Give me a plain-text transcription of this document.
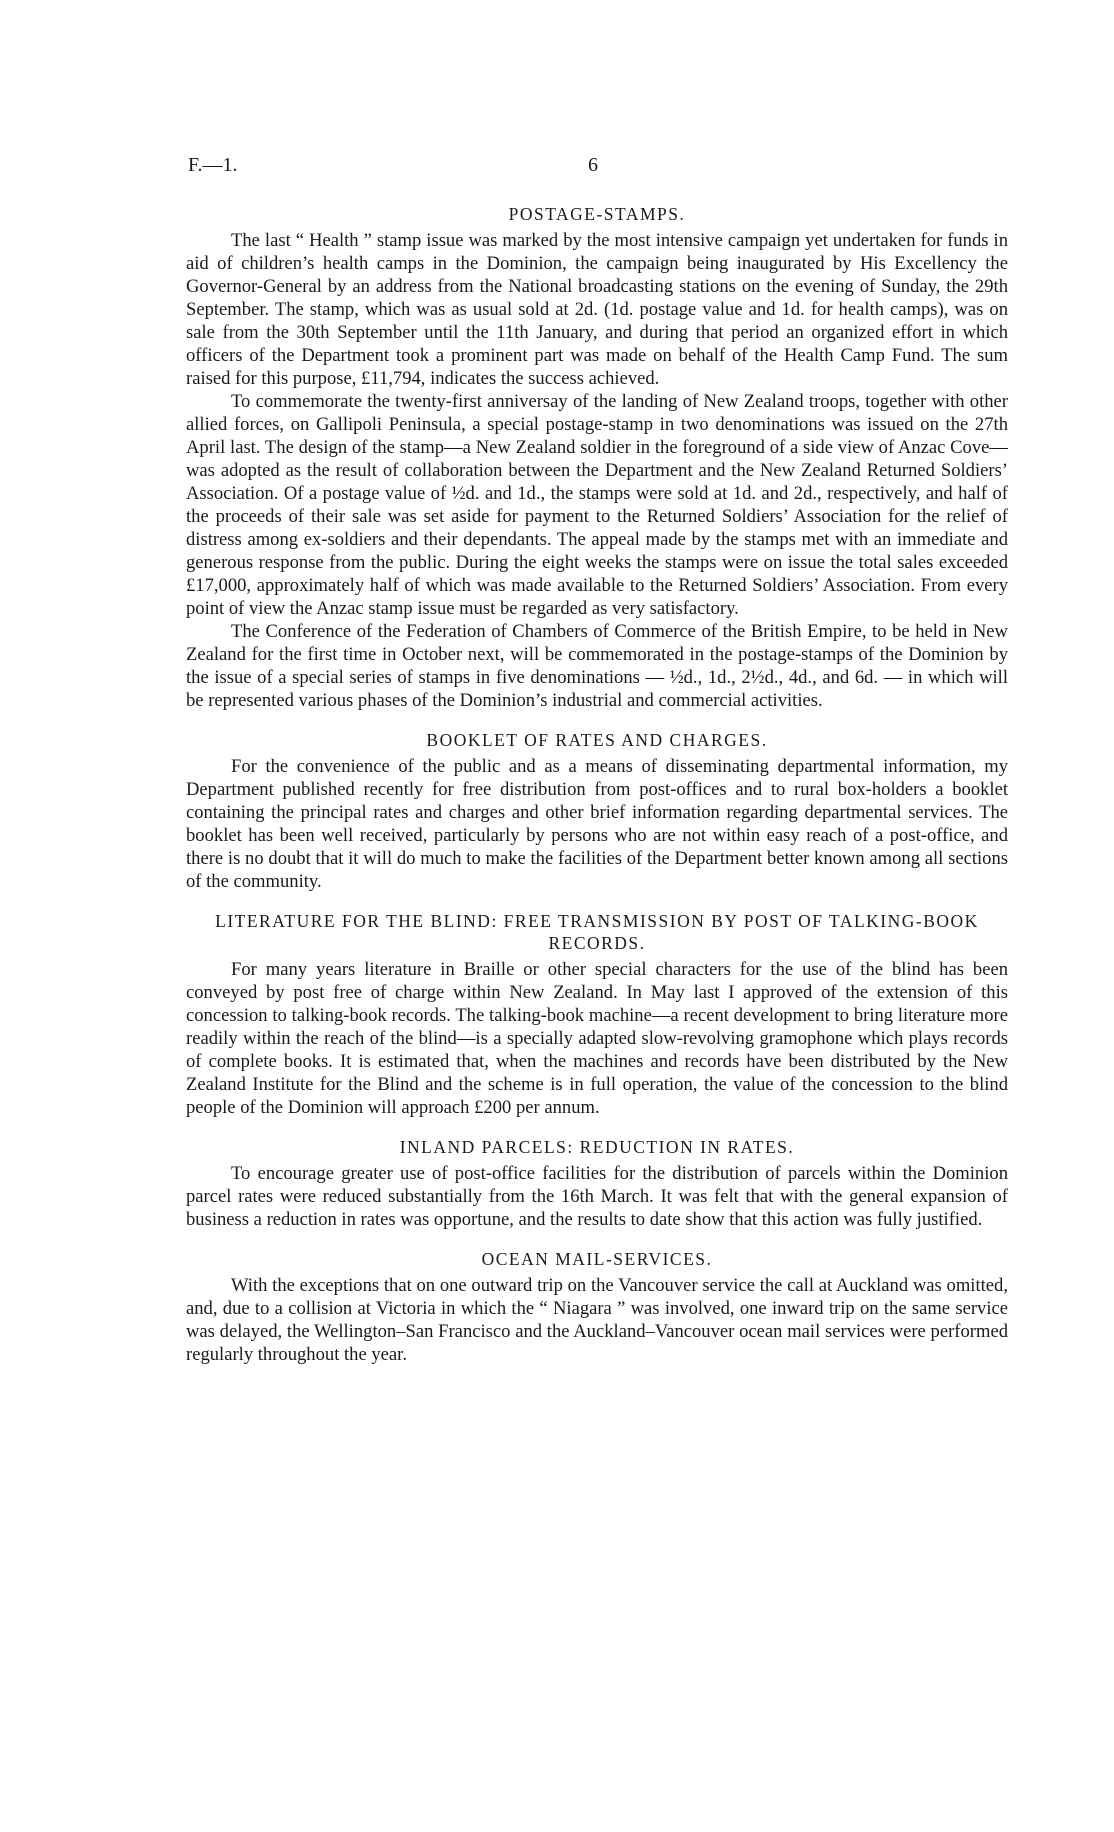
F.—1.	6
POSTAGE-STAMPS.

The last “ Health ” stamp issue was marked by the most intensive campaign yet undertaken for funds in aid of children’s health camps in the Dominion, the campaign being inaugurated by His Excellency the Governor-General by an address from the National broadcasting stations on the evening of Sunday, the 29th September. The stamp, which was as usual sold at 2d. (1d. postage value and 1d. for health camps), was on sale from the 30th September until the 11th January, and during that period an organized effort in which officers of the Department took a prominent part was made on behalf of the Health Camp Fund. The sum raised for this purpose, £11,794, indicates the success achieved.

To commemorate the twenty-first anniversay of the landing of New Zealand troops, together with other allied forces, on Gallipoli Peninsula, a special postage-stamp in two denominations was issued on the 27th April last. The design of the stamp—a New Zealand soldier in the foreground of a side view of Anzac Cove—was adopted as the result of collaboration between the Department and the New Zealand Returned Soldiers’ Association. Of a postage value of ½d. and 1d., the stamps were sold at 1d. and 2d., respectively, and half of the proceeds of their sale was set aside for payment to the Returned Soldiers’ Association for the relief of distress among ex-soldiers and their dependants. The appeal made by the stamps met with an immediate and generous response from the public. During the eight weeks the stamps were on issue the total sales exceeded £17,000, approximately half of which was made available to the Returned Soldiers’ Association. From every point of view the Anzac stamp issue must be regarded as very satisfactory.

The Conference of the Federation of Chambers of Commerce of the British Empire, to be held in New Zealand for the first time in October next, will be commemorated in the postage-stamps of the Dominion by the issue of a special series of stamps in five denominations — ½d., 1d., 2½d., 4d., and 6d. — in which will be represented various phases of the Dominion’s industrial and commercial activities.

BOOKLET OF RATES AND CHARGES.

For the convenience of the public and as a means of disseminating departmental information, my Department published recently for free distribution from post-offices and to rural box-holders a booklet containing the principal rates and charges and other brief information regarding departmental services. The booklet has been well received, particularly by persons who are not within easy reach of a post-office, and there is no doubt that it will do much to make the facilities of the Department better known among all sections of the community.

LITERATURE FOR THE BLIND: FREE TRANSMISSION BY POST OF TALKING-BOOK RECORDS.

For many years literature in Braille or other special characters for the use of the blind has been conveyed by post free of charge within New Zealand. In May last I approved of the extension of this concession to talking-book records. The talking-book machine—a recent development to bring literature more readily within the reach of the blind—is a specially adapted slow-revolving gramophone which plays records of complete books. It is estimated that, when the machines and records have been distributed by the New Zealand Institute for the Blind and the scheme is in full operation, the value of the concession to the blind people of the Dominion will approach £200 per annum.

INLAND PARCELS: REDUCTION IN RATES.

To encourage greater use of post-office facilities for the distribution of parcels within the Dominion parcel rates were reduced substantially from the 16th March. It was felt that with the general expansion of business a reduction in rates was opportune, and the results to date show that this action was fully justified.

OCEAN MAIL-SERVICES.

With the exceptions that on one outward trip on the Vancouver service the call at Auckland was omitted, and, due to a collision at Victoria in which the “ Niagara ” was involved, one inward trip on the same service was delayed, the Wellington–San Francisco and the Auckland–Vancouver ocean mail services were performed regularly throughout the year.
